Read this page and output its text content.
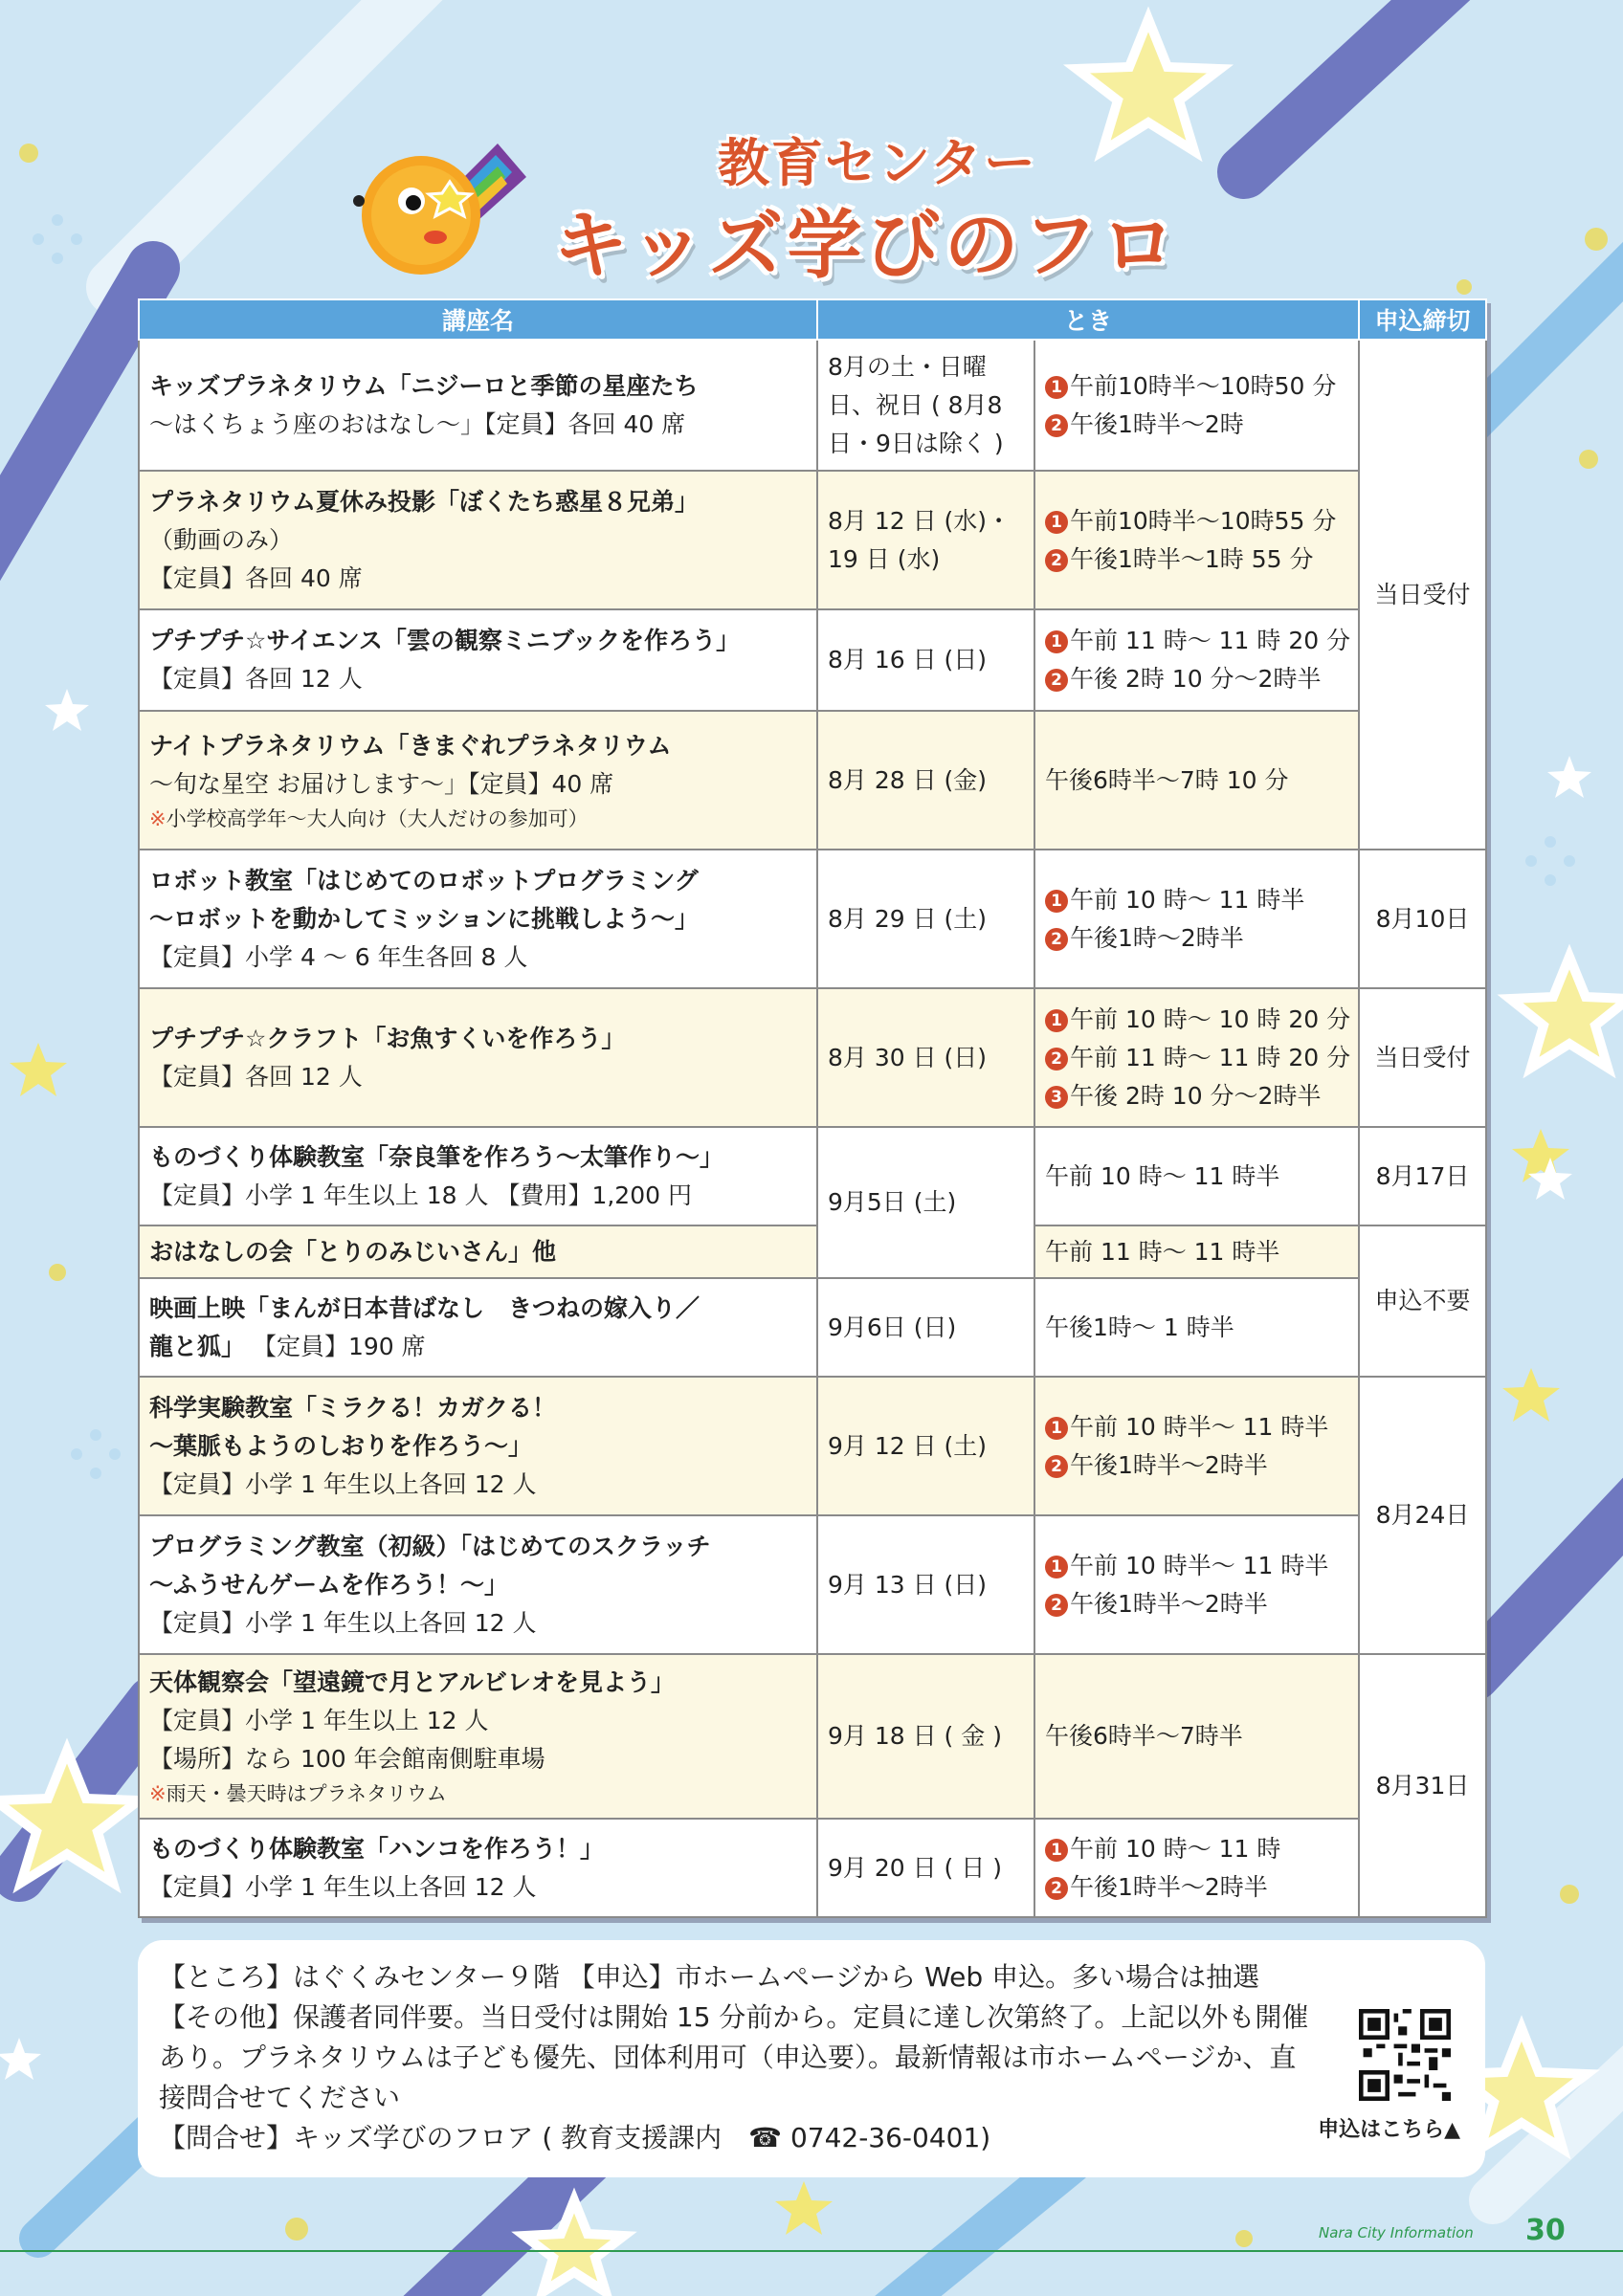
教育センター
キッズ学びのフロ
講座名	とき		申込締切

キッズプラネタリウム「ニジーロと季節の星座たち
～はくちょう座のおはなし～」【定員】各回 40 席	8月の土・日曜日、祝日 ( 8月8日・9日は除く )	1 午前10時半～10時50 分
2 午後1時半～2時	当日受付

プラネタリウム夏休み投影「ぼくたち惑星８兄弟」
（動画のみ）
【定員】各回 40 席	8月 12 日 (水)・19 日 (水)	1 午前10時半～10時55 分
2 午後1時半～1時 55 分	

プチプチ☆サイエンス「雲の観察ミニブックを作ろう」
【定員】各回 12 人	8月 16 日 (日)	1 午前 11 時～ 11 時 20 分
2 午後 2時 10 分～2時半	

ナイトプラネタリウム「きまぐれプラネタリウム
～旬な星空 お届けします～」【定員】40 席
※小学校高学年～大人向け（大人だけの参加可）	8月 28 日 (金)	午後6時半～7時 10 分	

ロボット教室「はじめてのロボットプログラミング
～ロボットを動かしてミッションに挑戦しよう～」
【定員】小学 4 ～ 6 年生各回 8 人	8月 29 日 (土)	1 午前 10 時～ 11 時半
2 午後1時～2時半	8月10日

プチプチ☆クラフト「お魚すくいを作ろう」
【定員】各回 12 人	8月 30 日 (日)	1 午前 10 時～ 10 時 20 分
2 午前 11 時～ 11 時 20 分
3 午後 2時 10 分～2時半	当日受付

ものづくり体験教室「奈良筆を作ろう～太筆作り～」
【定員】小学 1 年生以上 18 人 【費用】1,200 円	9月5日 (土)	午前 10 時～ 11 時半	8月17日

おはなしの会「とりのみじいさん」他		午前 11 時～ 11 時半	申込不要

映画上映「まんが日本昔ばなし　きつねの嫁入り／
龍と狐」 【定員】190 席	9月6日 (日)	午後1時～ 1 時半	

科学実験教室「ミラクる！カガクる！
～葉脈もようのしおりを作ろう～」
【定員】小学 1 年生以上各回 12 人	9月 12 日 (土)	1 午前 10 時半～ 11 時半
2 午後1時半～2時半	8月24日

プログラミング教室（初級）「はじめてのスクラッチ
～ふうせんゲームを作ろう！～」
【定員】小学 1 年生以上各回 12 人	9月 13 日 (日)	1 午前 10 時半～ 11 時半
2 午後1時半～2時半	

天体観察会「望遠鏡で月とアルビレオを見よう」
【定員】小学 1 年生以上 12 人
【場所】なら 100 年会館南側駐車場
※雨天・曇天時はプラネタリウム	9月 18 日 ( 金 )	午後6時半～7時半	8月31日

ものづくり体験教室「ハンコを作ろう！」
【定員】小学 1 年生以上各回 12 人	9月 20 日 ( 日 )	1 午前 10 時～ 11 時
2 午後1時半～2時半	

【ところ】はぐくみセンター９階 【申込】市ホームページから Web 申込。多い場合は抽選

【その他】保護者同伴要。当日受付は開始 15 分前から。定員に達し次第終了。上記以外も開催あり。プラネタリウムは子ども優先、団体利用可（申込要）。最新情報は市ホームページか、直接問合せてください

【問合せ】キッズ学びのフロア ( 教育支援課内　☎ 0742-36-0401)	申込はこちら▲
Nara City Information 30
